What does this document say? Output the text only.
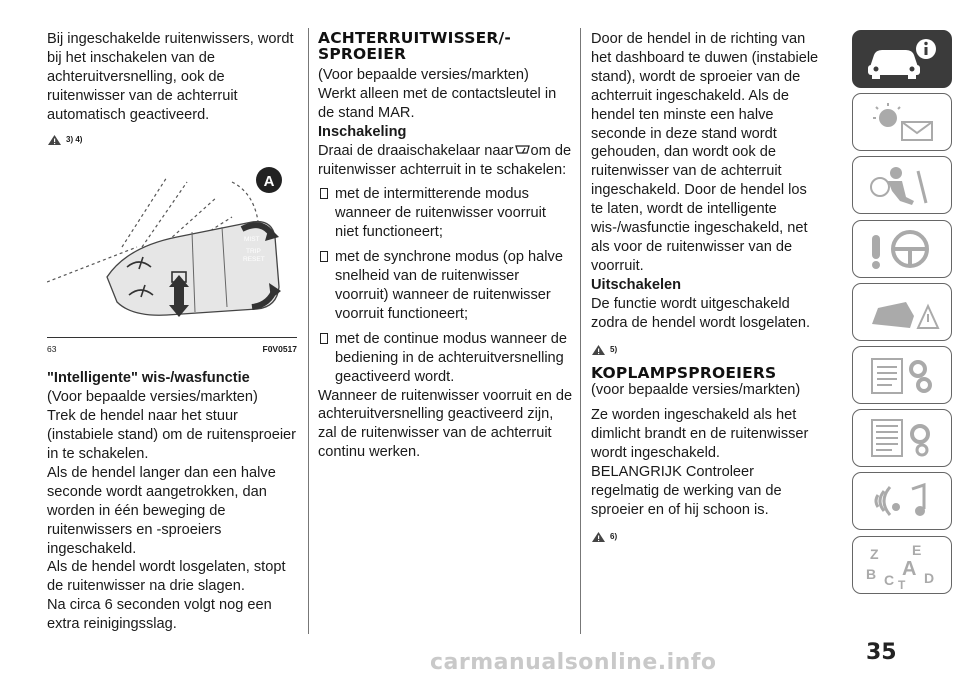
Bij ingeschakelde ruitenwissers, wordt bij het inschakelen van de achteruitversnelling, ook de ruitenwisser van de achterruit automatisch geactiveerd.

3) 4)
MIST
TRIP
RESET
A
63	F0V0517

"Intelligente" wis-/wasfunctie

(Voor bepaalde versies/markten)

Trek de hendel naar het stuur (instabiele stand) om de ruitensproeier in te schakelen.

Als de hendel langer dan een halve seconde wordt aangetrokken, dan worden in één beweging de ruitenwissers en -sproeiers ingeschakeld.

Als de hendel wordt losgelaten, stopt de ruitenwisser na drie slagen.

Na circa 6 seconden volgt nog een extra reinigingsslag.

ACHTERRUITWISSER/-SPROEIER

(Voor bepaalde versies/markten)

Werkt alleen met de contactsleutel in de stand MAR.

Inschakeling

Draai de draaischakelaar naar om de ruitenwisser achterruit in te schakelen:

met de intermitterende modus wanneer de ruitenwisser voorruit niet functioneert;
met de synchrone modus (op halve snelheid van de ruitenwisser voorruit) wanneer de ruitenwisser voorruit functioneert;
met de continue modus wanneer de bediening in de achteruitversnelling geactiveerd wordt.

Wanneer de ruitenwisser voorruit en de achteruitversnelling geactiveerd zijn, zal de ruitenwisser van de achterruit continu werken.

Door de hendel in de richting van het dashboard te duwen (instabiele stand), wordt de sproeier van de achterruit ingeschakeld. Als de hendel ten minste een halve seconde in deze stand wordt gehouden, dan wordt ook de ruitenwisser van de achterruit ingeschakeld. Door de hendel los te laten, wordt de intelligente wis-/wasfunctie ingeschakeld, net als voor de ruitenwisser van de voorruit.

Uitschakelen

De functie wordt uitgeschakeld zodra de hendel wordt losgelaten.

5)

KOPLAMPSPROEIERS

(voor bepaalde versies/markten)

Ze worden ingeschakeld als het dimlicht brandt en de ruitenwisser wordt ingeschakeld.

BELANGRIJK Controleer regelmatig de werking van de sproeier en of hij schoon is.

6)
Z E
A
B C D
T
35
carmanualsonline.info
